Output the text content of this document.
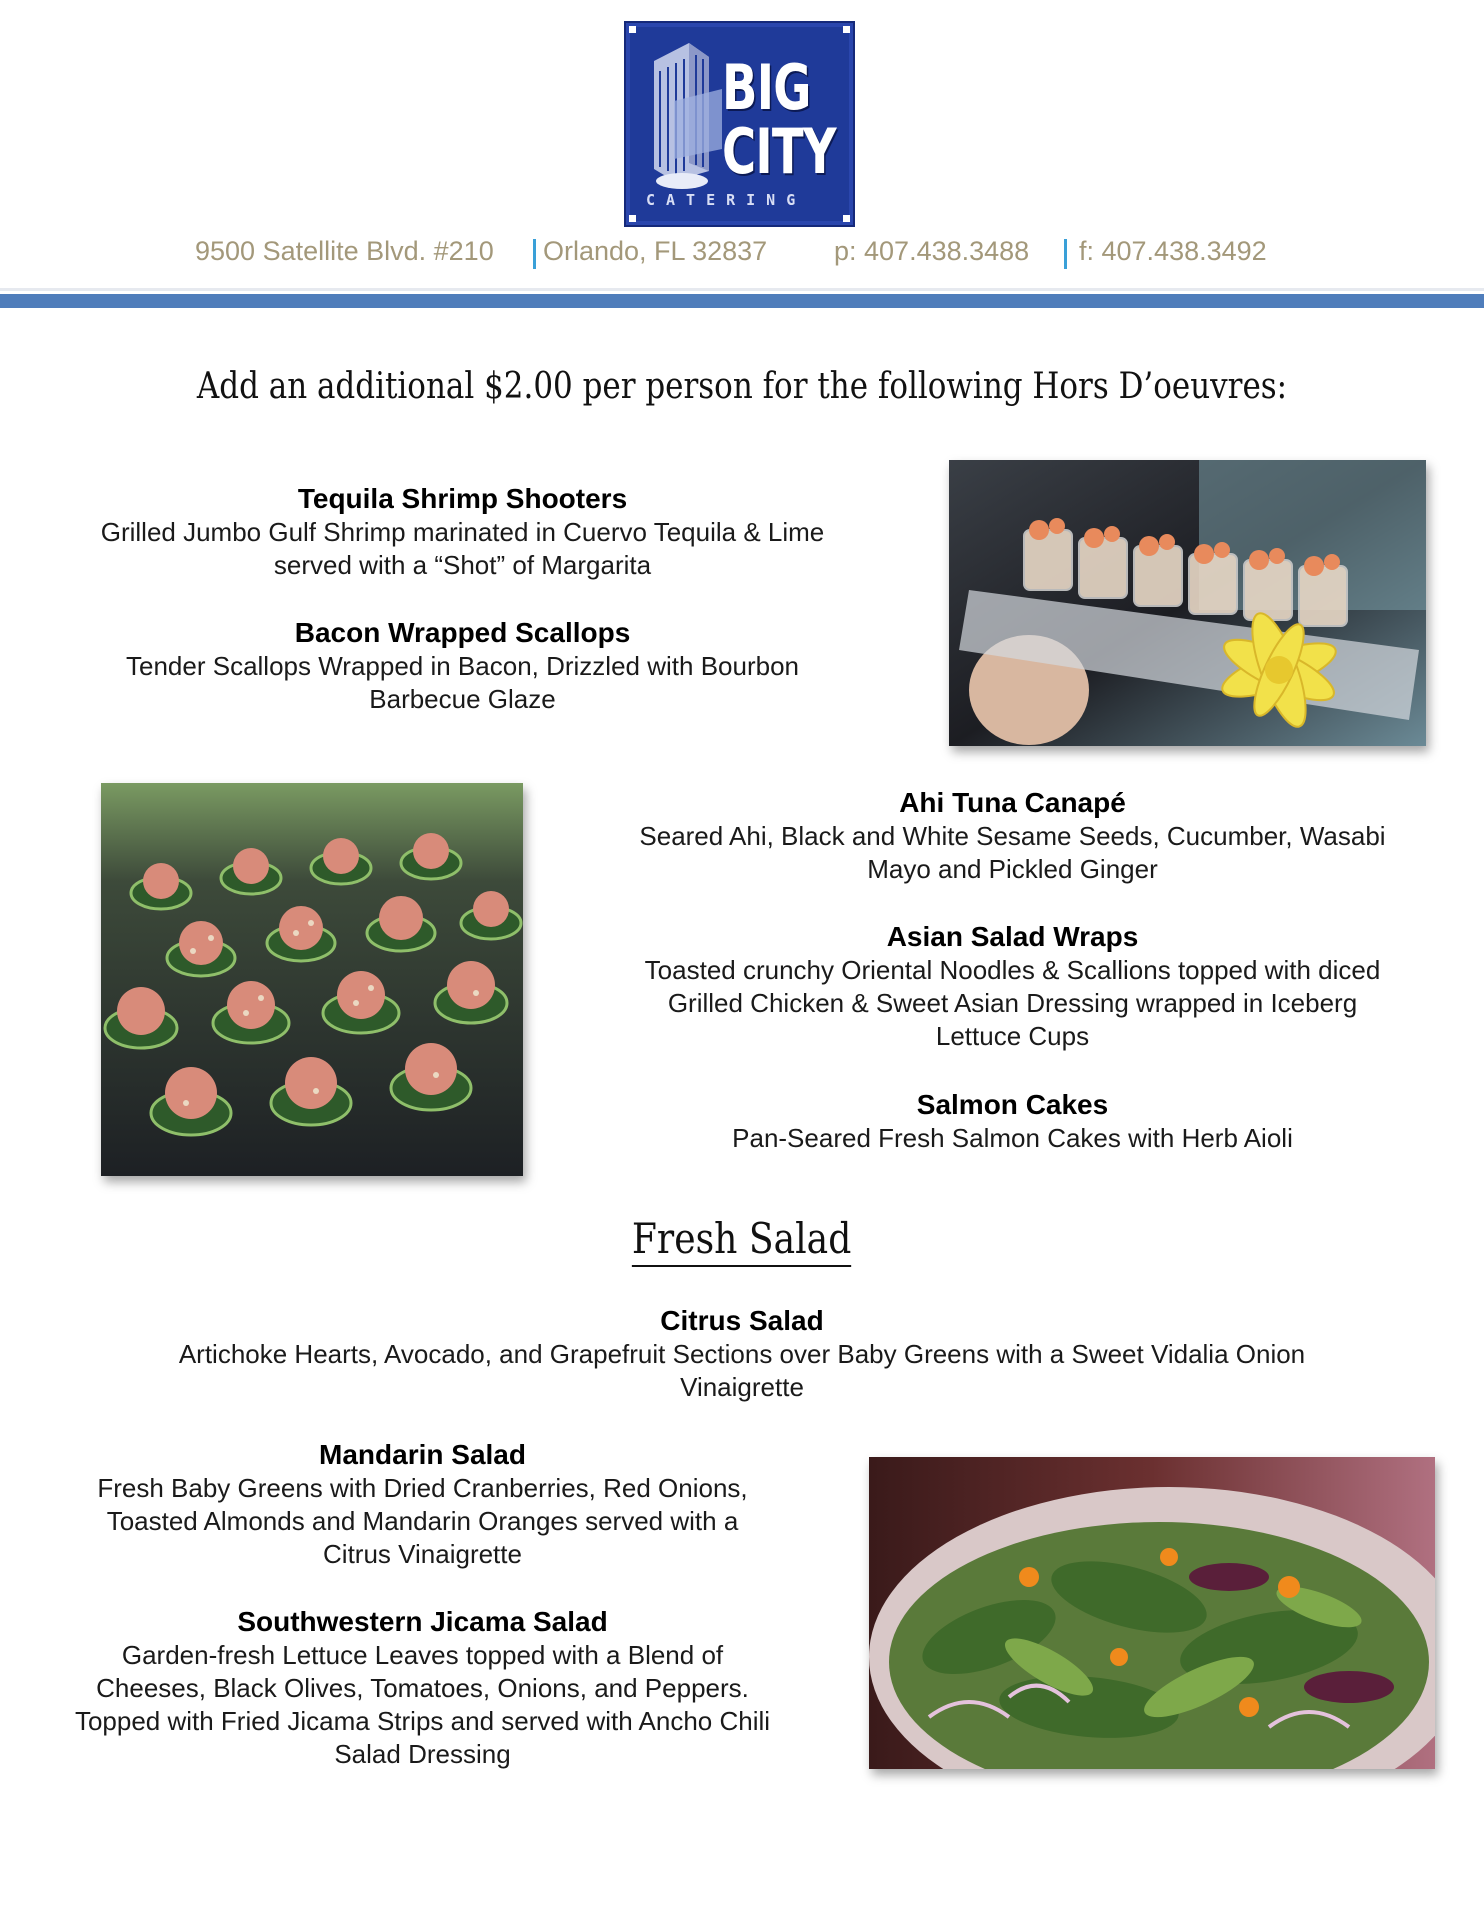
BIG
CITY
CATERING
9500 Satellite Blvd. #210 Orlando, FL 32837 p: 407.438.3488 f: 407.438.3492
Add an additional $2.00 per person for the following Hors D’oeuvres:
Tequila Shrimp Shooters
Grilled Jumbo Gulf Shrimp marinated in Cuervo Tequila & Lime
served with a “Shot” of Margarita
Bacon Wrapped Scallops
Tender Scallops Wrapped in Bacon, Drizzled with Bourbon
Barbecue Glaze
Ahi Tuna Canapé
Seared Ahi, Black and White Sesame Seeds, Cucumber, Wasabi
Mayo and Pickled Ginger
Asian Salad Wraps
Toasted crunchy Oriental Noodles & Scallions topped with diced
Grilled Chicken & Sweet Asian Dressing wrapped in Iceberg
Lettuce Cups
Salmon Cakes
Pan-Seared Fresh Salmon Cakes with Herb Aioli
Fresh Salad
Citrus Salad
Artichoke Hearts, Avocado, and Grapefruit Sections over Baby Greens with a Sweet Vidalia Onion
Vinaigrette
Mandarin Salad
Fresh Baby Greens with Dried Cranberries, Red Onions,
Toasted Almonds and Mandarin Oranges served with a
Citrus Vinaigrette
Southwestern Jicama Salad
Garden-fresh Lettuce Leaves topped with a Blend of
Cheeses, Black Olives, Tomatoes, Onions, and Peppers.
Topped with Fried Jicama Strips and served with Ancho Chili
Salad Dressing
